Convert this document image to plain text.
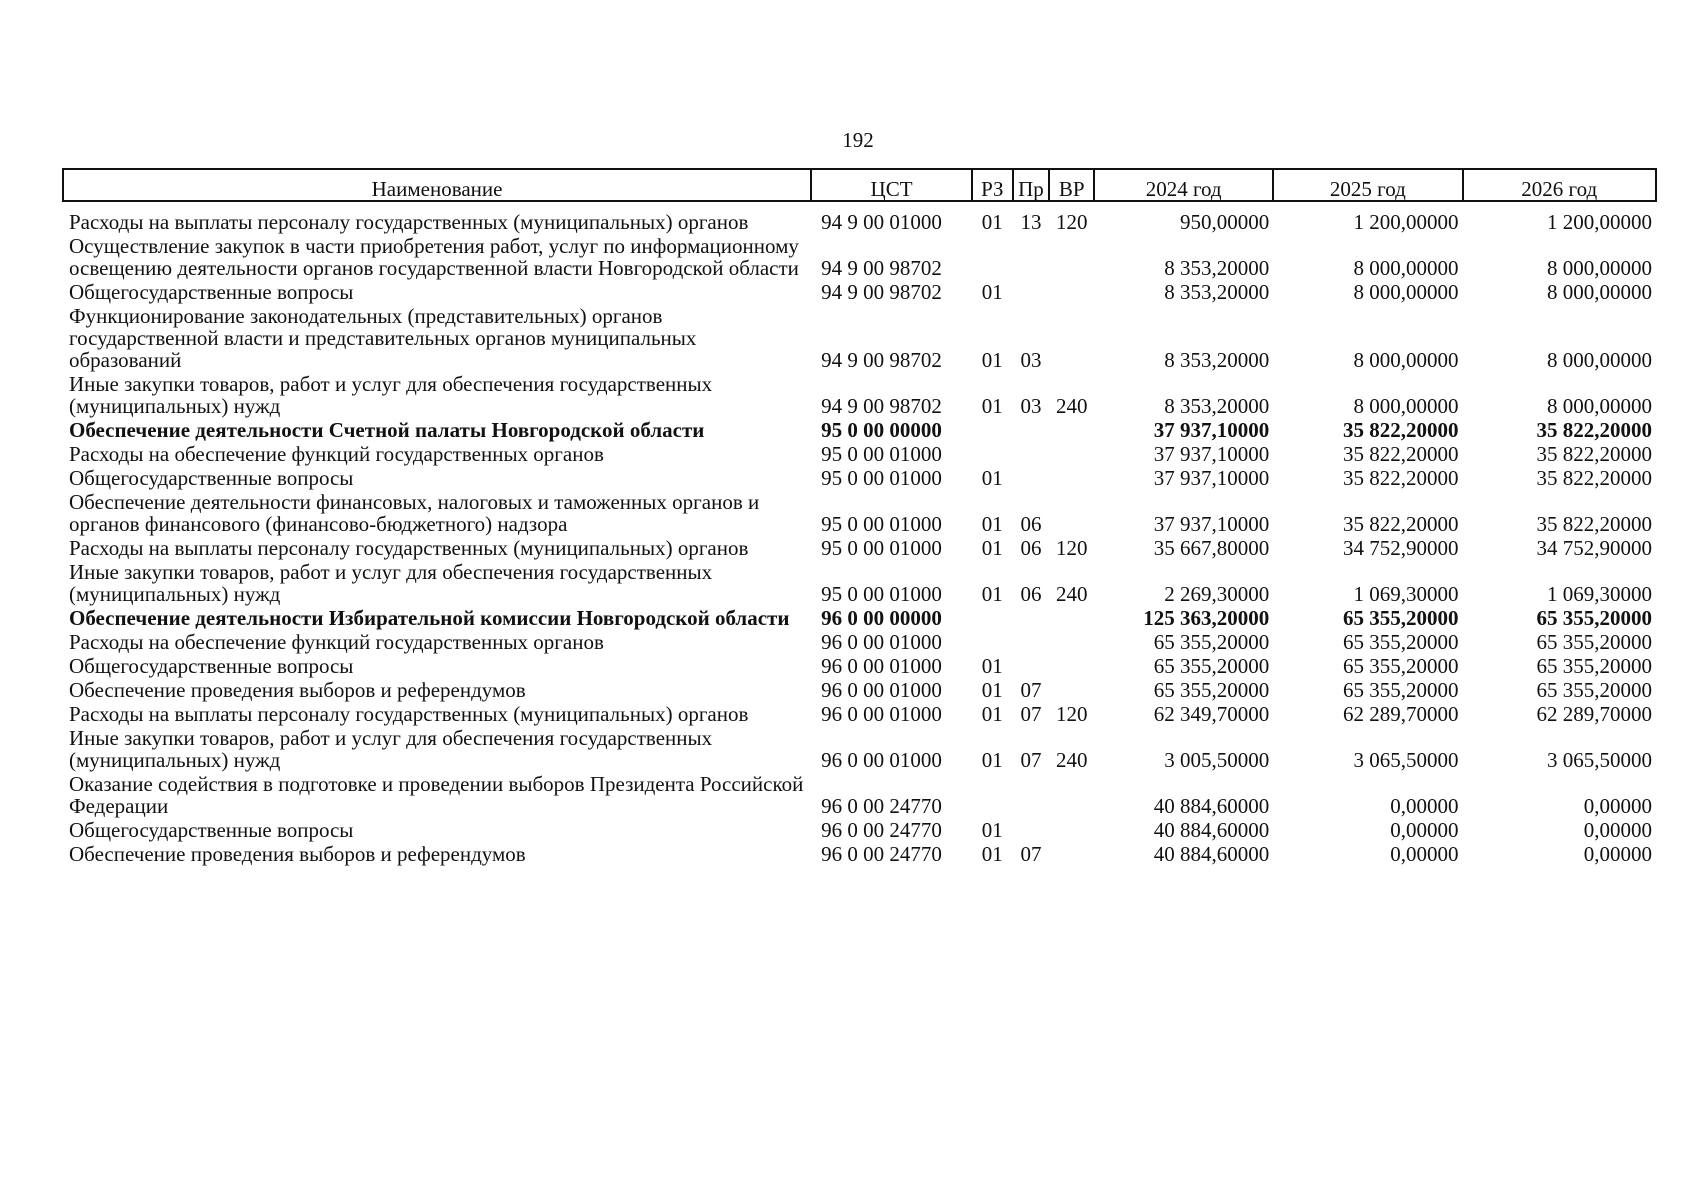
192
Наименование	ЦСТ	РЗ	Пр	ВР	2024 год	2025 год	2026 год

Расходы на выплаты персоналу государственных (муниципальных) органов	94 9 00 01000	01	13	120	950,00000	1 200,00000	1 200,00000
Осуществление закупок в части приобретения работ, услуг по информационному освещению деятельности органов государственной власти Новгородской области	94 9 00 98702				8 353,20000	8 000,00000	8 000,00000
Общегосударственные вопросы	94 9 00 98702	01			8 353,20000	8 000,00000	8 000,00000
Функционирование законодательных (представительных) органов государственной власти и представительных органов муниципальных образований	94 9 00 98702	01	03		8 353,20000	8 000,00000	8 000,00000
Иные закупки товаров, работ и услуг для обеспечения государственных (муниципальных) нужд	94 9 00 98702	01	03	240	8 353,20000	8 000,00000	8 000,00000
Обеспечение деятельности Счетной палаты Новгородской области	95 0 00 00000				37 937,10000	35 822,20000	35 822,20000
Расходы на обеспечение функций государственных органов	95 0 00 01000				37 937,10000	35 822,20000	35 822,20000
Общегосударственные вопросы	95 0 00 01000	01			37 937,10000	35 822,20000	35 822,20000
Обеспечение деятельности финансовых, налоговых и таможенных органов и органов финансового (финансово-бюджетного) надзора	95 0 00 01000	01	06		37 937,10000	35 822,20000	35 822,20000
Расходы на выплаты персоналу государственных (муниципальных) органов	95 0 00 01000	01	06	120	35 667,80000	34 752,90000	34 752,90000
Иные закупки товаров, работ и услуг для обеспечения государственных (муниципальных) нужд	95 0 00 01000	01	06	240	2 269,30000	1 069,30000	1 069,30000
Обеспечение деятельности Избирательной комиссии Новгородской области	96 0 00 00000				125 363,20000	65 355,20000	65 355,20000
Расходы на обеспечение функций государственных органов	96 0 00 01000				65 355,20000	65 355,20000	65 355,20000
Общегосударственные вопросы	96 0 00 01000	01			65 355,20000	65 355,20000	65 355,20000
Обеспечение проведения выборов и референдумов	96 0 00 01000	01	07		65 355,20000	65 355,20000	65 355,20000
Расходы на выплаты персоналу государственных (муниципальных) органов	96 0 00 01000	01	07	120	62 349,70000	62 289,70000	62 289,70000
Иные закупки товаров, работ и услуг для обеспечения государственных (муниципальных) нужд	96 0 00 01000	01	07	240	3 005,50000	3 065,50000	3 065,50000
Оказание содействия в подготовке и проведении выборов Президента Российской Федерации	96 0 00 24770				40 884,60000	0,00000	0,00000
Общегосударственные вопросы	96 0 00 24770	01			40 884,60000	0,00000	0,00000
Обеспечение проведения выборов и референдумов	96 0 00 24770	01	07		40 884,60000	0,00000	0,00000
